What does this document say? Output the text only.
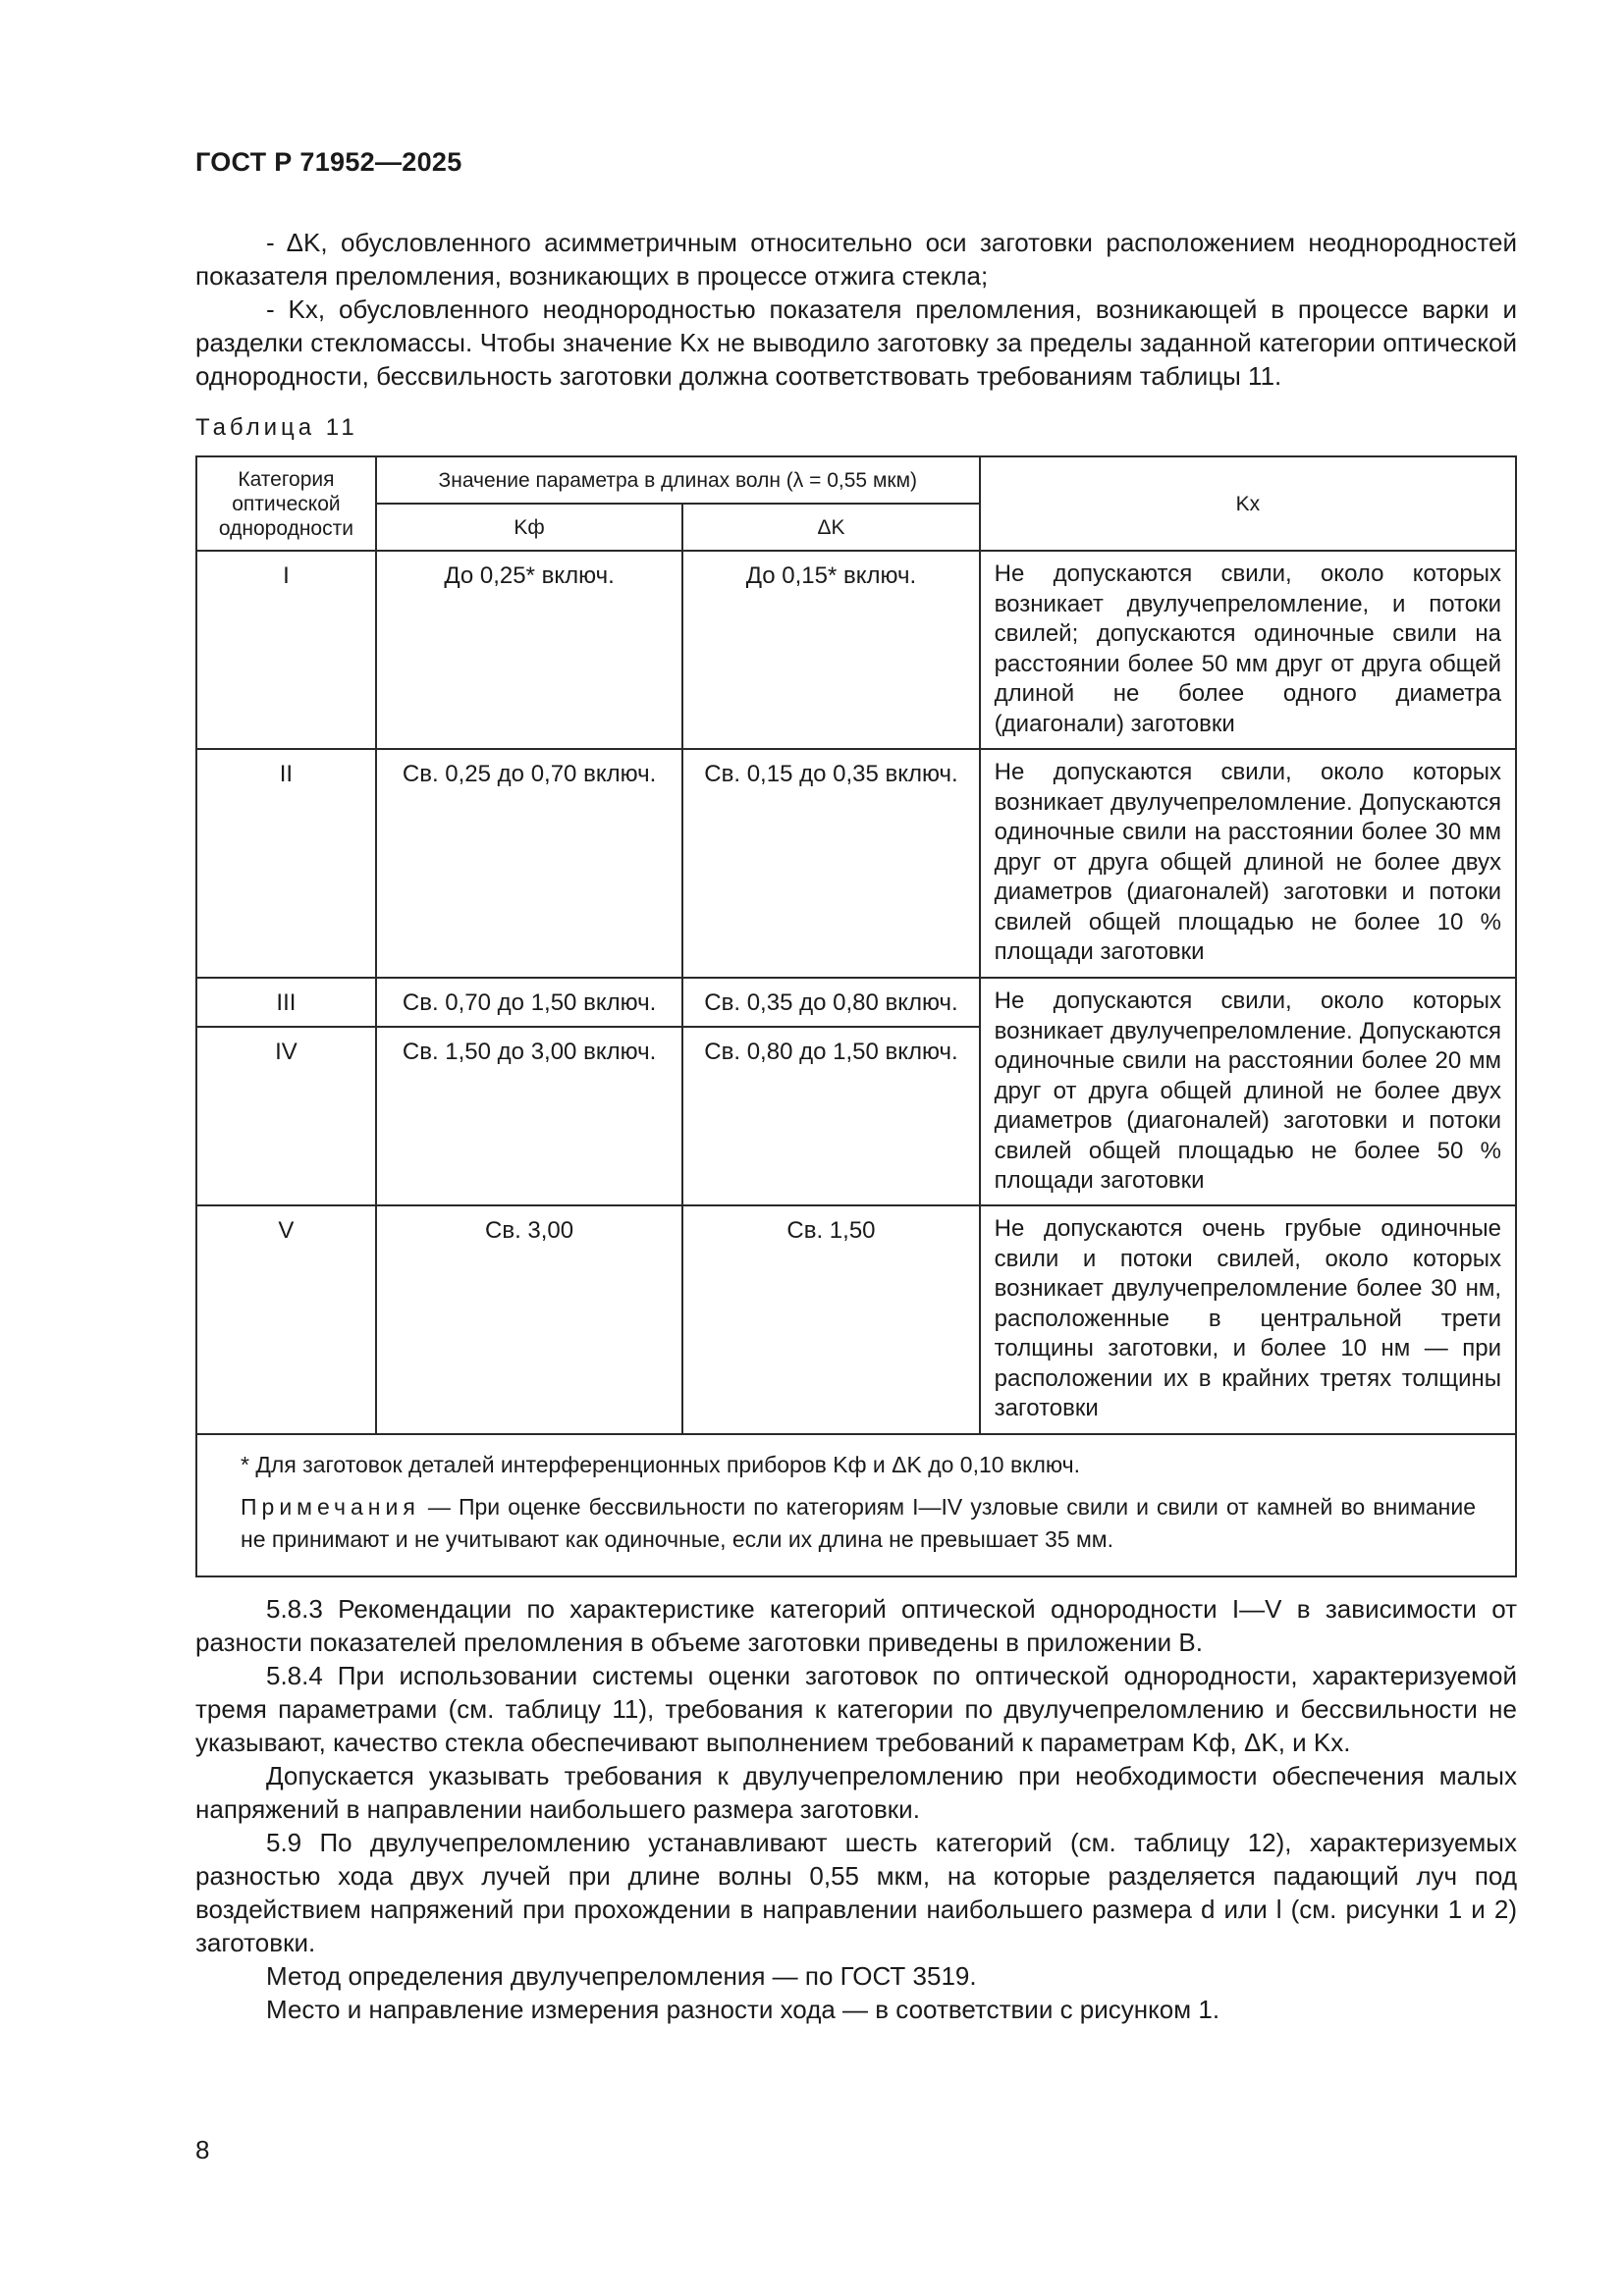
ГОСТ Р 71952—2025

- ΔK, обусловленного асимметричным относительно оси заготовки расположением неоднородностей показателя преломления, возникающих в процессе отжига стекла;

- Kх, обусловленного неоднородностью показателя преломления, возникающей в процессе варки и разделки стекломассы. Чтобы значение Kх не выводило заготовку за пределы заданной категории оптической однородности, бессвильность заготовки должна соответствовать требованиям таблицы 11.

Таблица 11
Категория оптической однородности	Значение параметра в длинах волн (λ = 0,55 мкм)		Kх
	Kф	ΔK	
I	До 0,25* включ.	До 0,15* включ.	Не допускаются свили, около которых возникает двулучепреломление, и потоки свилей; допускаются одиночные свили на расстоянии более 50 мм друг от друга общей длиной не более одного диаметра (диагонали) заготовки
II	Св. 0,25 до 0,70 включ.	Св. 0,15 до 0,35 включ.	Не допускаются свили, около которых возникает двулучепреломление. Допускаются одиночные свили на расстоянии более 30 мм друг от друга общей длиной не более двух диаметров (диагоналей) заготовки и потоки свилей общей площадью не более 10 % площади заготовки
III	Св. 0,70 до 1,50 включ.	Св. 0,35 до 0,80 включ.	Не допускаются свили, около которых возникает двулучепреломление. Допускаются одиночные свили на расстоянии более 20 мм друг от друга общей длиной не более двух диаметров (диагоналей) заготовки и потоки свилей общей площадью не более 50 % площади заготовки
IV	Св. 1,50 до 3,00 включ.	Св. 0,80 до 1,50 включ.	
V	Св. 3,00	Св. 1,50	Не допускаются очень грубые одиночные свили и потоки свилей, около которых возникает двулучепреломление более 30 нм, расположенные в центральной трети толщины заготовки, и более 10 нм — при расположении их в крайних третях толщины заготовки

* Для заготовок деталей интерференционных приборов Kф и ΔK до 0,10 включ.
Примечания — При оценке бессвильности по категориям I—IV узловые свили и свили от камней во внимание не принимают и не учитывают как одиночные, если их длина не превышает 35 мм.			

5.8.3 Рекомендации по характеристике категорий оптической однородности I—V в зависимости от разности показателей преломления в объеме заготовки приведены в приложении В.

5.8.4 При использовании системы оценки заготовок по оптической однородности, характеризуемой тремя параметрами (см. таблицу 11), требования к категории по двулучепреломлению и бессвильности не указывают, качество стекла обеспечивают выполнением требований к параметрам Kф, ΔK, и Kх.

Допускается указывать требования к двулучепреломлению при необходимости обеспечения малых напряжений в направлении наибольшего размера заготовки.

5.9 По двулучепреломлению устанавливают шесть категорий (см. таблицу 12), характеризуемых разностью хода двух лучей при длине волны 0,55 мкм, на которые разделяется падающий луч под воздействием напряжений при прохождении в направлении наибольшего размера d или l (см. рисунки 1 и 2) заготовки.

Метод определения двулучепреломления — по ГОСТ 3519.

Место и направление измерения разности хода — в соответствии с рисунком 1.

8
